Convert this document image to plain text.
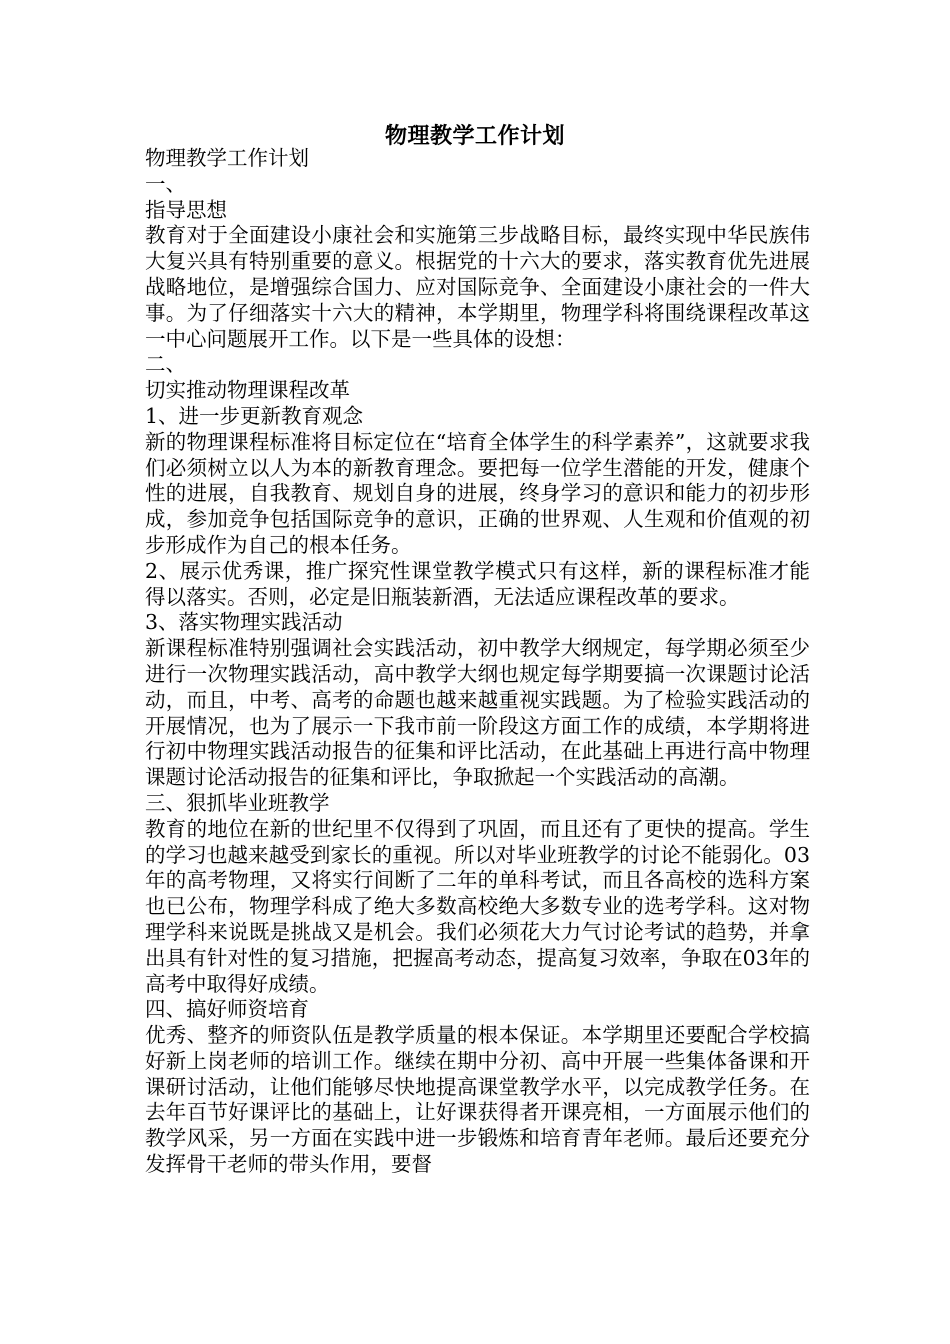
物理教学工作计划

物理教学工作计划

一、

指导思想

教育对于全面建设小康社会和实施第三步战略目标，最终实现中华民族伟大复兴具有特别重要的意义。根据党的十六大的要求，落实教育优先进展战略地位，是增强综合国力、应对国际竞争、全面建设小康社会的一件大事。为了仔细落实十六大的精神，本学期里，物理学科将围绕课程改革这一中心问题展开工作。以下是一些具体的设想：

二、

切实推动物理课程改革

1、进一步更新教育观念

新的物理课程标准将目标定位在“培育全体学生的科学素养”，这就要求我们必须树立以人为本的新教育理念。要把每一位学生潜能的开发，健康个性的进展，自我教育、规划自身的进展，终身学习的意识和能力的初步形成，参加竞争包括国际竞争的意识，正确的世界观、人生观和价值观的初步形成作为自己的根本任务。

2、展示优秀课，推广探究性课堂教学模式只有这样，新的课程标准才能得以落实。否则，必定是旧瓶装新酒，无法适应课程改革的要求。

3、落实物理实践活动

新课程标准特别强调社会实践活动，初中教学大纲规定，每学期必须至少进行一次物理实践活动，高中教学大纲也规定每学期要搞一次课题讨论活动，而且，中考、高考的命题也越来越重视实践题。为了检验实践活动的开展情况，也为了展示一下我市前一阶段这方面工作的成绩，本学期将进行初中物理实践活动报告的征集和评比活动，在此基础上再进行高中物理课题讨论活动报告的征集和评比，争取掀起一个实践活动的高潮。

三、狠抓毕业班教学

教育的地位在新的世纪里不仅得到了巩固，而且还有了更快的提高。学生的学习也越来越受到家长的重视。所以对毕业班教学的讨论不能弱化。03年的高考物理，又将实行间断了二年的单科考试，而且各高校的选科方案也已公布，物理学科成了绝大多数高校绝大多数专业的选考学科。这对物理学科来说既是挑战又是机会。我们必须花大力气讨论考试的趋势，并拿出具有针对性的复习措施，把握高考动态，提高复习效率，争取在03年的高考中取得好成绩。

四、搞好师资培育

优秀、整齐的师资队伍是教学质量的根本保证。本学期里还要配合学校搞好新上岗老师的培训工作。继续在期中分初、高中开展一些集体备课和开课研讨活动，让他们能够尽快地提高课堂教学水平，以完成教学任务。在去年百节好课评比的基础上，让好课获得者开课亮相，一方面展示他们的教学风采，另一方面在实践中进一步锻炼和培育青年老师。最后还要充分发挥骨干老师的带头作用，要督
